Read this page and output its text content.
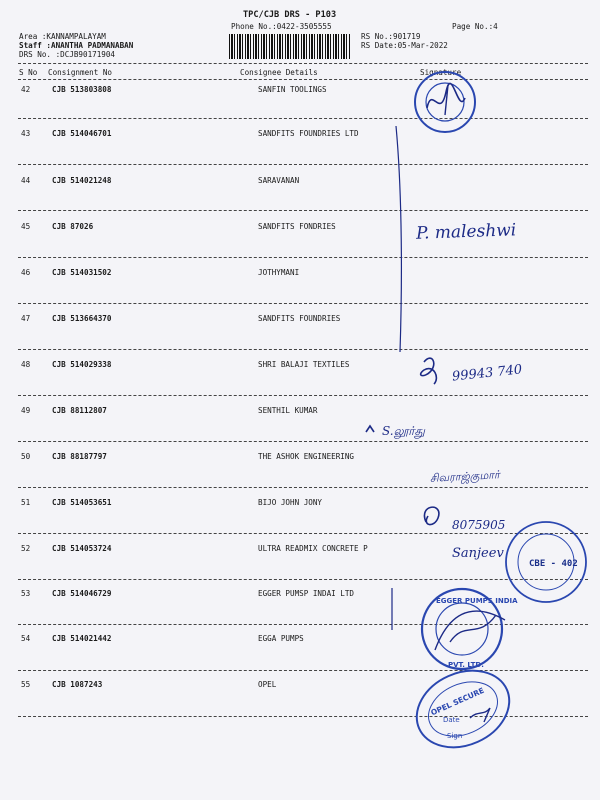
TPC/CJB DRS - P103
Phone No.:0422-3505555	Page No.:4
Area :KANNAMPALAYAM
Staff :ANANTHA PADMANABAN
DRS No. :DCJB90171904
RS No.:901719
RS Date:05-Mar-2022
S No Consignment No	Consignee Details	Signature
42	CJB 513803808	SANFIN TOOLINGS
43	CJB 514046701	SANDFITS FOUNDRIES LTD
44	CJB 514021248	SARAVANAN
45	CJB 87026	SANDFITS FONDRIES
46	CJB 514031502	JOTHYMANI
47	CJB 513664370	SANDFITS FOUNDRIES
48	CJB 514029338	SHRI BALAJI TEXTILES
49	CJB 88112807	SENTHIL KUMAR
50	CJB 88187797	THE ASHOK ENGINEERING
51	CJB 514053651	BIJO JOHN JONY
52	CJB 514053724	ULTRA READMIX CONCRETE P
53	CJB 514046729	EGGER PUMSP INDAI LTD
54	CJB 514021442	EGGA PUMPS
55	CJB 1087243	OPEL
CBE - 402
EGGER PUMPS INDIA
PVT. LTD.
OPEL SECURE
Date
Sign
P. maleshwi
99943 740
S.லூர்து
சிவராஜ்குமார்
8075905
Sanjeev
